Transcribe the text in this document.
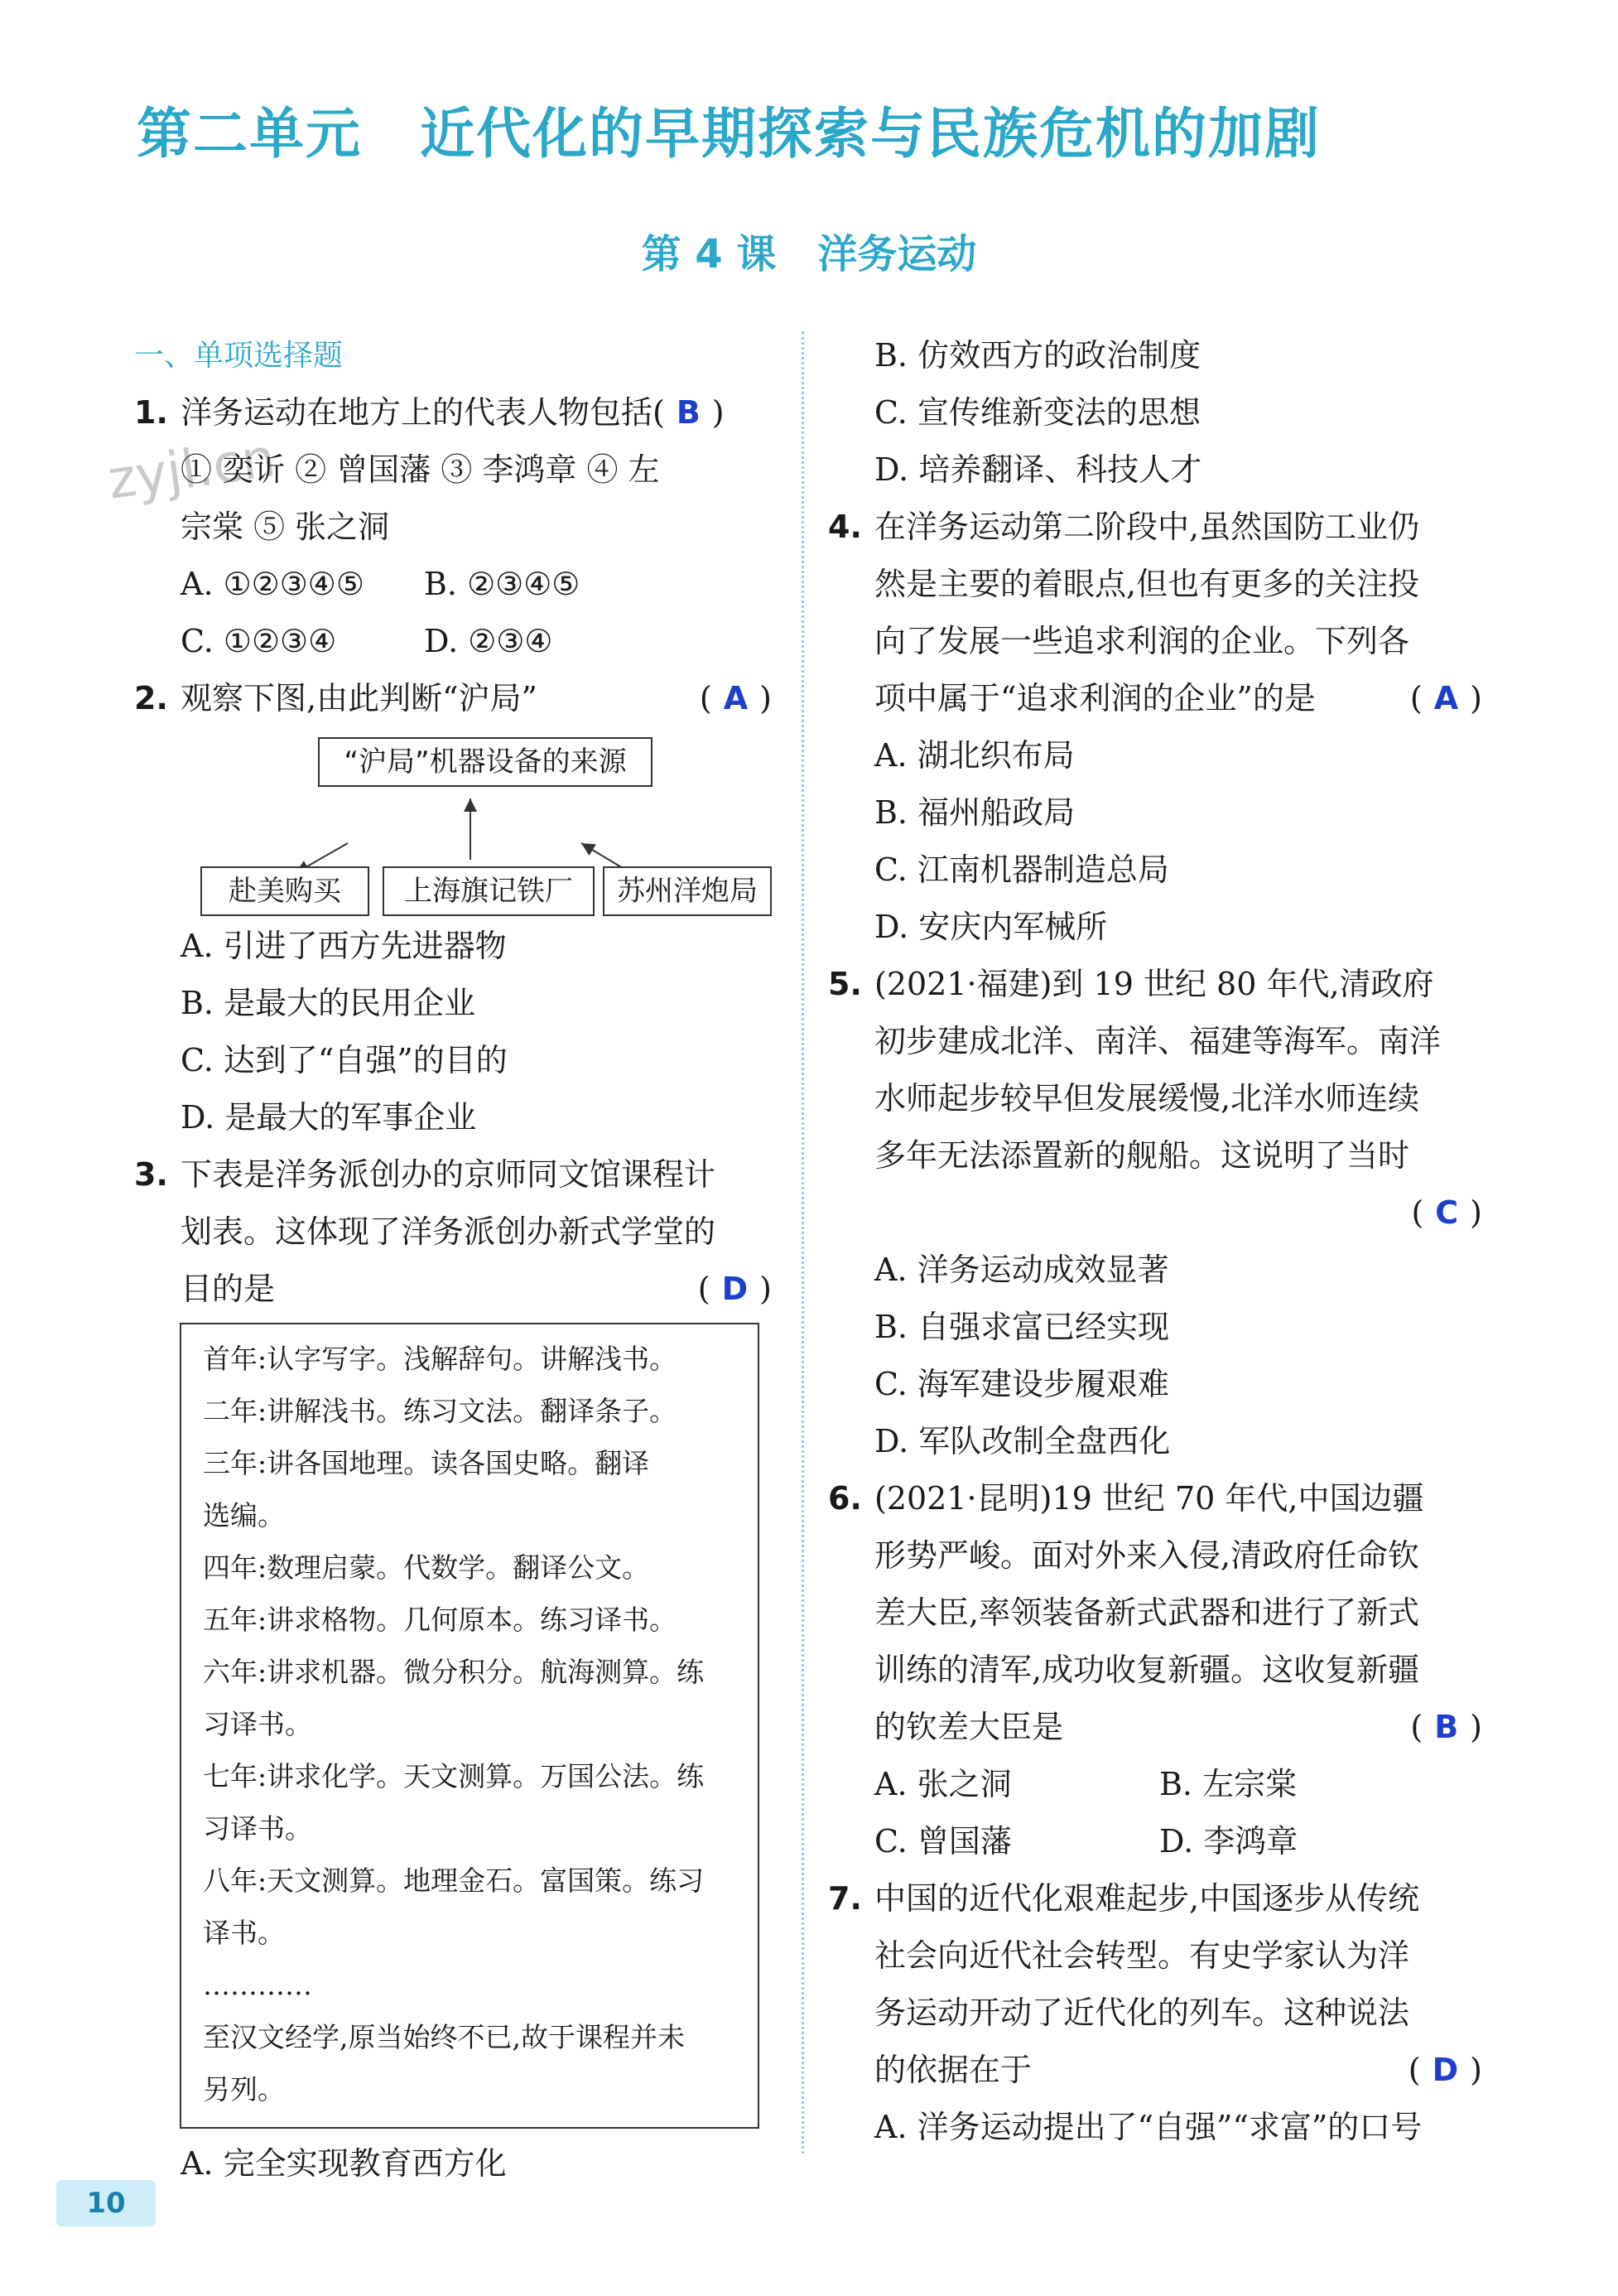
第二单元 近代化的早期探索与民族危机的加剧
第 4 课 洋务运动
zyjl.cn
一、单项选择题
1. 洋务运动在地方上的代表人物包括( B )
① 奕䜣 ② 曾国藩 ③ 李鸿章 ④ 左
宗棠 ⑤ 张之洞
A. ①②③④⑤ B. ②③④⑤
C. ①②③④	D. ②③④
2. 观察下图,由此判断“沪局”	( A )
“沪局”机器设备的来源
赴美购买	上海旗记铁厂	苏州洋炮局
A. 引进了西方先进器物
B. 是最大的民用企业
C. 达到了“自强”的目的
D. 是最大的军事企业
3. 下表是洋务派创办的京师同文馆课程计
划表。这体现了洋务派创办新式学堂的
目的是	( D )
首年:认字写字。浅解辞句。讲解浅书。
二年:讲解浅书。练习文法。翻译条子。
三年:讲各国地理。读各国史略。翻译
选编。
四年:数理启蒙。代数学。翻译公文。
五年:讲求格物。几何原本。练习译书。
六年:讲求机器。微分积分。航海测算。练
习译书。
七年:讲求化学。天文测算。万国公法。练
习译书。
八年:天文测算。地理金石。富国策。练习
译书。
…………
至汉文经学,原当始终不已,故于课程并未
另列。
A. 完全实现教育西方化
B. 仿效西方的政治制度
C. 宣传维新变法的思想
D. 培养翻译、科技人才
4. 在洋务运动第二阶段中,虽然国防工业仍
然是主要的着眼点,但也有更多的关注投
向了发展一些追求利润的企业。下列各
项中属于“追求利润的企业”的是	( A )
A. 湖北织布局
B. 福州船政局
C. 江南机器制造总局
D. 安庆内军械所
5. (2021·福建)到 19 世纪 80 年代,清政府
初步建成北洋、南洋、福建等海军。南洋
水师起步较早但发展缓慢,北洋水师连续
多年无法添置新的舰船。这说明了当时
( C )
A. 洋务运动成效显著
B. 自强求富已经实现
C. 海军建设步履艰难
D. 军队改制全盘西化
6. (2021·昆明)19 世纪 70 年代,中国边疆
形势严峻。面对外来入侵,清政府任命钦
差大臣,率领装备新式武器和进行了新式
训练的清军,成功收复新疆。这收复新疆
的钦差大臣是	( B )
A. 张之洞	B. 左宗棠
C. 曾国藩	D. 李鸿章
7. 中国的近代化艰难起步,中国逐步从传统
社会向近代社会转型。有史学家认为洋
务运动开动了近代化的列车。这种说法
的依据在于	( D )
A. 洋务运动提出了“自强”“求富”的口号
10
